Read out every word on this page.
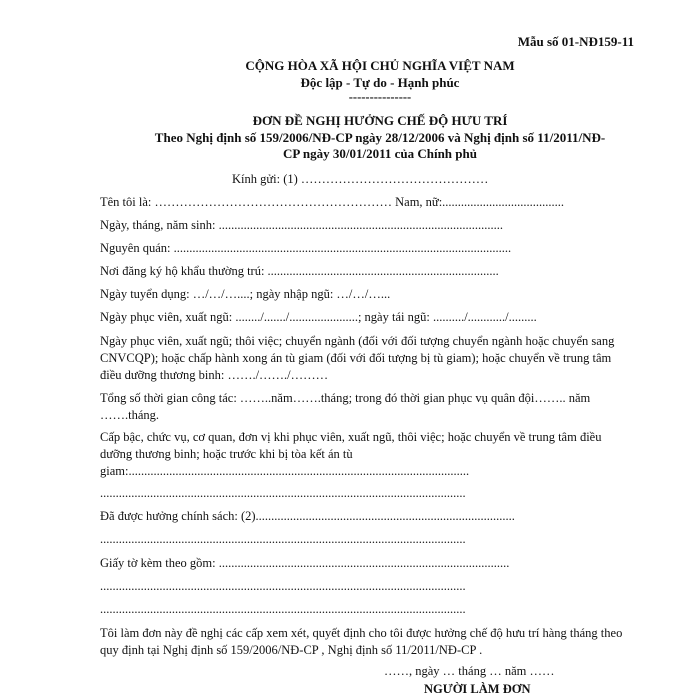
Mẫu số 01-NĐ159-11
CỘNG HÒA XÃ HỘI CHỦ NGHĨA VIỆT NAM
Độc lập - Tự do - Hạnh phúc
---------------
ĐƠN ĐỀ NGHỊ HƯỞNG CHẾ ĐỘ HƯU TRÍ
Theo Nghị định số 159/2006/NĐ-CP ngày 28/12/2006 và Nghị định số 11/2011/NĐ-
CP ngày 30/01/2011 của Chính phủ
Kính gửi: (1) ………………………………………
Tên tôi là: ………………………………………………… Nam, nữ:.......................................
Ngày, tháng, năm sinh: ...........................................................................................
Nguyên quán: ............................................................................................................
Nơi đăng ký hộ khẩu thường trú: ..........................................................................
Ngày tuyển dụng: …/…/…....; ngày nhập ngũ: …/…/…...
Ngày phục viên, xuất ngũ: ......../......./......................; ngày tái ngũ: ........../............/.........
Ngày phục viên, xuất ngũ; thôi việc; chuyển ngành (đối với đối tượng chuyển ngành hoặc chuyển sang CNVCQP); hoặc chấp hành xong án tù giam (đối với đối tượng bị tù giam); hoặc chuyển về trung tâm điều dưỡng thương binh: ……./……./………
Tổng số thời gian công tác: ……..năm…….tháng; trong đó thời gian phục vụ quân đội…….. năm …….tháng.
Cấp bậc, chức vụ, cơ quan, đơn vị khi phục viên, xuất ngũ, thôi việc; hoặc chuyển về trung tâm điều dưỡng thương binh; hoặc trước khi bị tòa kết án tù giam:.............................................................................................................
.....................................................................................................................
Đã được hưởng chính sách: (2)...................................................................................
.....................................................................................................................
Giấy tờ kèm theo gồm: .............................................................................................
.....................................................................................................................
.....................................................................................................................
Tôi làm đơn này đề nghị các cấp xem xét, quyết định cho tôi được hưởng chế độ hưu trí hàng tháng theo quy định tại Nghị định số 159/2006/NĐ-CP , Nghị định số 11/2011/NĐ-CP .
……, ngày … tháng … năm ……
NGƯỜI LÀM ĐƠN
